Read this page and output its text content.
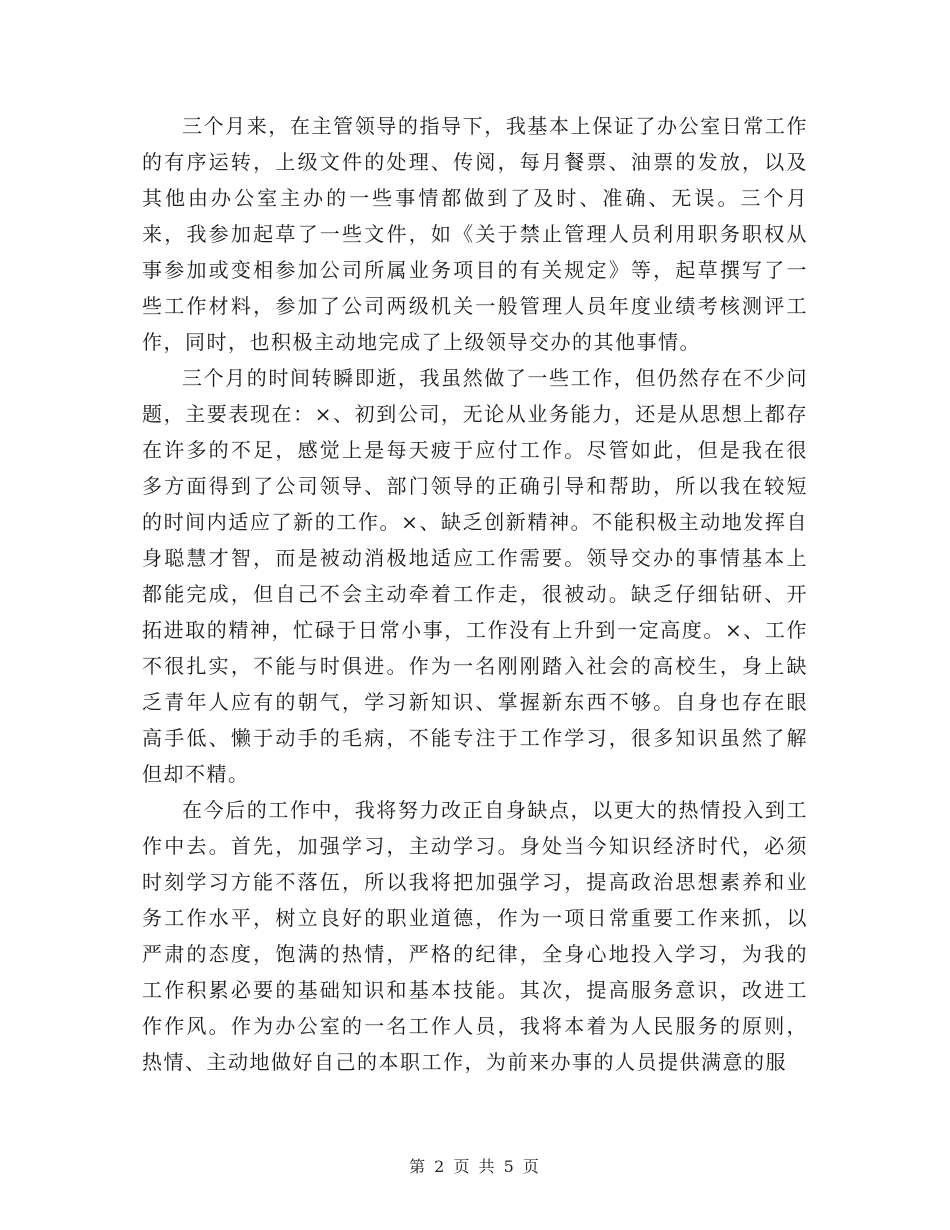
三个月来，在主管领导的指导下，我基本上保证了办公室日常工作的有序运转，上级文件的处理、传阅，每月餐票、油票的发放，以及其他由办公室主办的一些事情都做到了及时、准确、无误。三个月来，我参加起草了一些文件，如《关于禁止管理人员利用职务职权从事参加或变相参加公司所属业务项目的有关规定》等，起草撰写了一些工作材料，参加了公司两级机关一般管理人员年度业绩考核测评工作，同时，也积极主动地完成了上级领导交办的其他事情。

三个月的时间转瞬即逝，我虽然做了一些工作，但仍然存在不少问题，主要表现在：×、初到公司，无论从业务能力，还是从思想上都存在许多的不足，感觉上是每天疲于应付工作。尽管如此，但是我在很多方面得到了公司领导、部门领导的正确引导和帮助，所以我在较短的时间内适应了新的工作。×、缺乏创新精神。不能积极主动地发挥自身聪慧才智，而是被动消极地适应工作需要。领导交办的事情基本上都能完成，但自己不会主动牵着工作走，很被动。缺乏仔细钻研、开拓进取的精神，忙碌于日常小事，工作没有上升到一定高度。×、工作不很扎实，不能与时俱进。作为一名刚刚踏入社会的高校生，身上缺乏青年人应有的朝气，学习新知识、掌握新东西不够。自身也存在眼高手低、懒于动手的毛病，不能专注于工作学习，很多知识虽然了解但却不精。

在今后的工作中，我将努力改正自身缺点，以更大的热情投入到工作中去。首先，加强学习，主动学习。身处当今知识经济时代，必须时刻学习方能不落伍，所以我将把加强学习，提高政治思想素养和业务工作水平，树立良好的职业道德，作为一项日常重要工作来抓，以严肃的态度，饱满的热情，严格的纪律，全身心地投入学习，为我的工作积累必要的基础知识和基本技能。其次，提高服务意识，改进工作作风。作为办公室的一名工作人员，我将本着为人民服务的原则，热情、主动地做好自己的本职工作，为前来办事的人员提供满意的服

第 2 页 共 5 页
